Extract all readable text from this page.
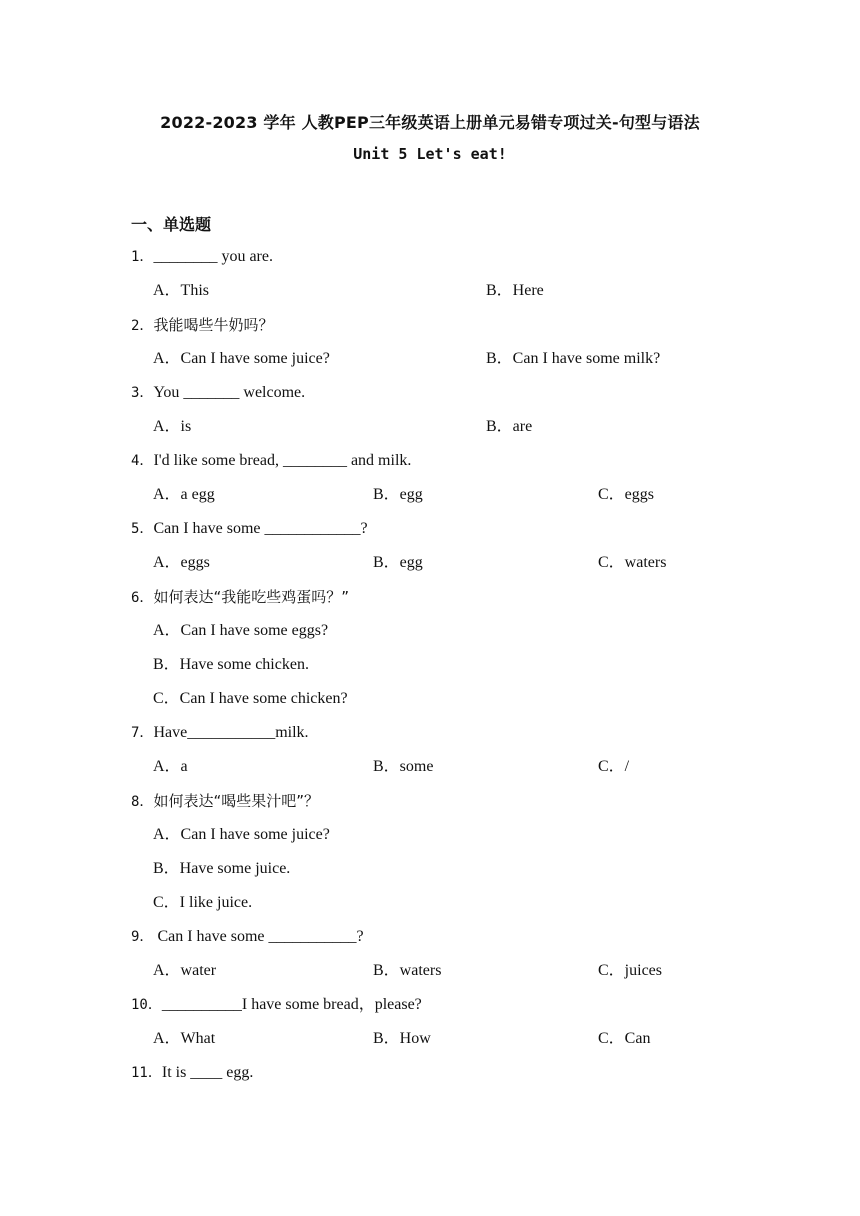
2022-2023 学年 人教PEP三年级英语上册单元易错专项过关-句型与语法
Unit 5 Let's eat!
一、单选题
1．________ you are.
A．This	B．Here
2．我能喝些牛奶吗？
A．Can I have some juice?	B．Can I have some milk?
3．You _______ welcome.
A．is	B．are
4．I'd like some bread, ________ and milk.
A．a egg	B．egg	C．eggs
5．Can I have some ____________?
A．eggs	B．egg	C．waters
6．如何表达“我能吃些鸡蛋吗？”
A．Can I have some eggs?
B．Have some chicken.
C．Can I have some chicken?
7．Have___________milk.
A．a	B．some	C．/
8．如何表达“喝些果汁吧”？
A．Can I have some juice?
B．Have some juice.
C．I like juice.
9． Can I have some ___________?
A．water	B．waters	C．juices
10．__________I have some bread，please?
A．What	B．How	C．Can
11．It is ____ egg.
